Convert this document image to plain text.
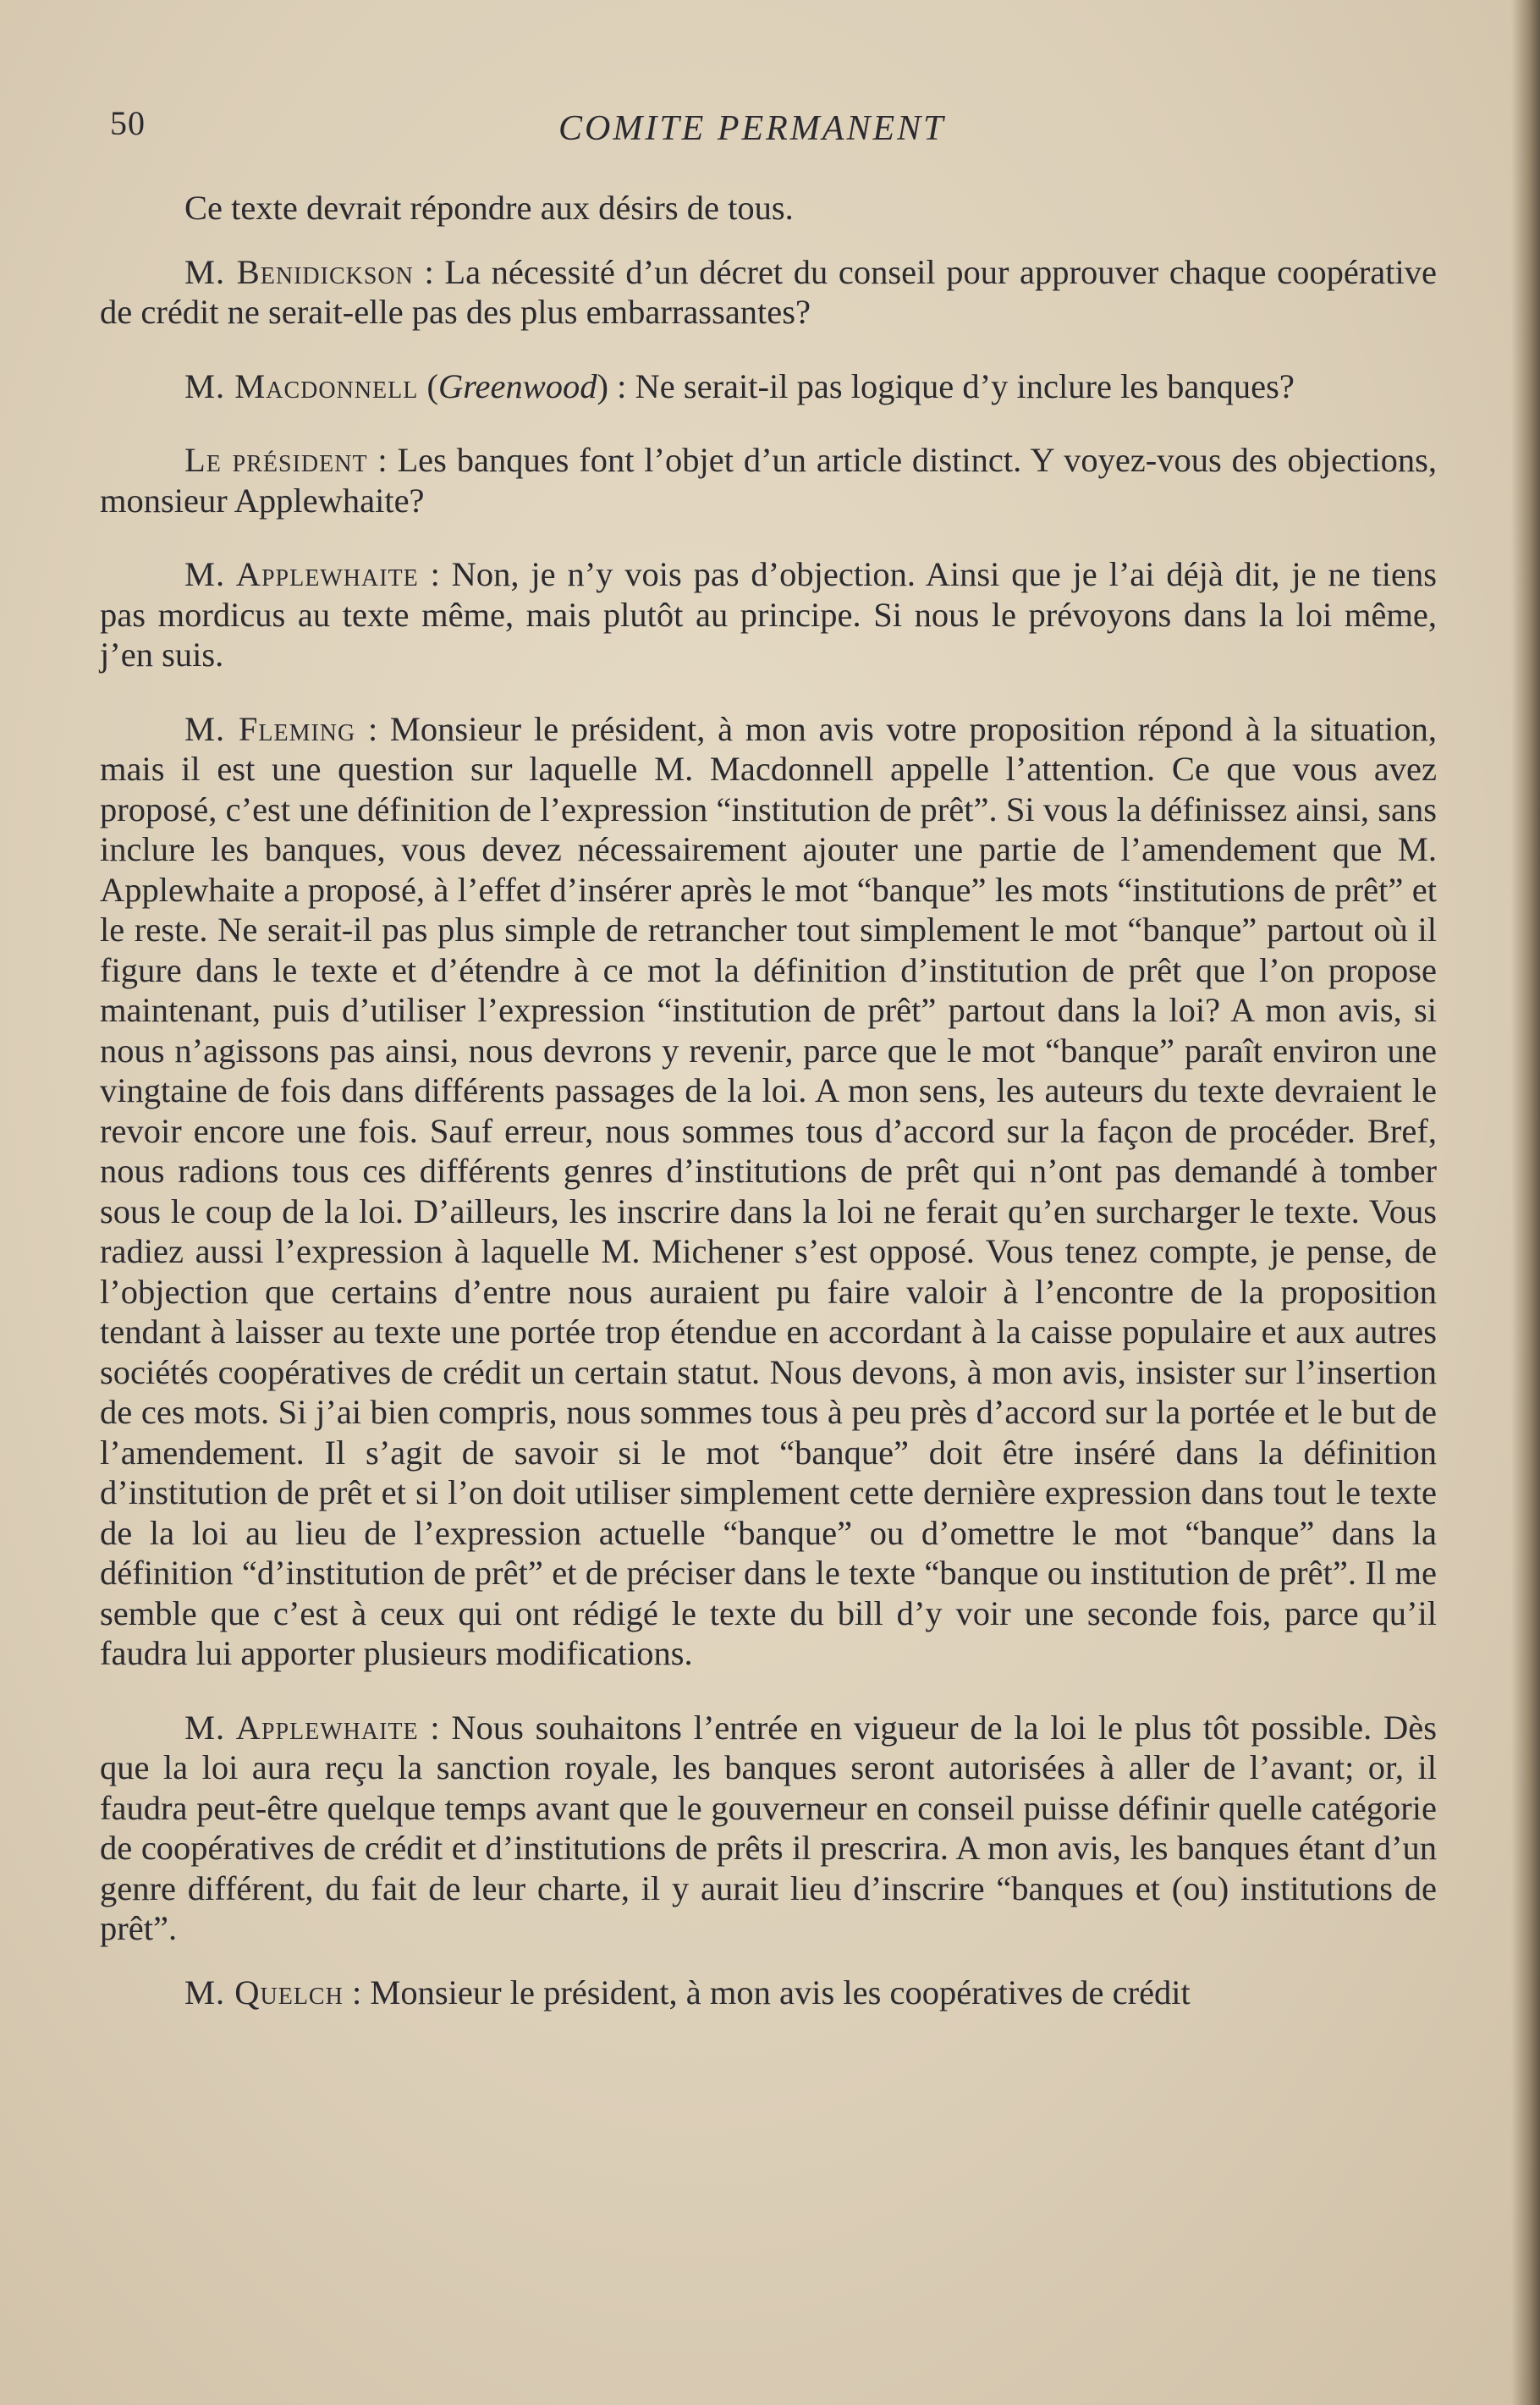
50	COMITE PERMANENT

Ce texte devrait répondre aux désirs de tous.

M. Benidickson : La nécessité d’un décret du conseil pour approuver chaque coopérative de crédit ne serait-elle pas des plus embarrassantes?

M. Macdonnell (Greenwood) : Ne serait-il pas logique d’y inclure les banques?

Le président : Les banques font l’objet d’un article distinct. Y voyez-vous des objections, monsieur Applewhaite?

M. Applewhaite : Non, je n’y vois pas d’objection. Ainsi que je l’ai déjà dit, je ne tiens pas mordicus au texte même, mais plutôt au principe. Si nous le prévoyons dans la loi même, j’en suis.

M. Fleming : Monsieur le président, à mon avis votre proposition répond à la situation, mais il est une question sur laquelle M. Macdonnell appelle l’attention. Ce que vous avez proposé, c’est une définition de l’expression “institution de prêt”. Si vous la définissez ainsi, sans inclure les banques, vous devez nécessairement ajouter une partie de l’amendement que M. Applewhaite a proposé, à l’effet d’insérer après le mot “banque” les mots “institutions de prêt” et le reste. Ne serait-il pas plus simple de retrancher tout simplement le mot “banque” partout où il figure dans le texte et d’étendre à ce mot la définition d’institution de prêt que l’on propose maintenant, puis d’utiliser l’expression “institution de prêt” partout dans la loi? A mon avis, si nous n’agissons pas ainsi, nous devrons y revenir, parce que le mot “banque” paraît environ une vingtaine de fois dans différents passages de la loi. A mon sens, les auteurs du texte devraient le revoir encore une fois. Sauf erreur, nous sommes tous d’accord sur la façon de procéder. Bref, nous radions tous ces différents genres d’institutions de prêt qui n’ont pas demandé à tomber sous le coup de la loi. D’ailleurs, les inscrire dans la loi ne ferait qu’en surcharger le texte. Vous radiez aussi l’expression à laquelle M. Michener s’est opposé. Vous tenez compte, je pense, de l’objection que certains d’entre nous auraient pu faire valoir à l’encontre de la proposition tendant à laisser au texte une portée trop étendue en accordant à la caisse populaire et aux autres sociétés coopératives de crédit un certain statut. Nous devons, à mon avis, insister sur l’insertion de ces mots. Si j’ai bien compris, nous sommes tous à peu près d’accord sur la portée et le but de l’amendement. Il s’agit de savoir si le mot “banque” doit être inséré dans la définition d’institution de prêt et si l’on doit utiliser simplement cette dernière expression dans tout le texte de la loi au lieu de l’expression actuelle “banque” ou d’omettre le mot “banque” dans la définition “d’institution de prêt” et de préciser dans le texte “banque ou institution de prêt”. Il me semble que c’est à ceux qui ont rédigé le texte du bill d’y voir une seconde fois, parce qu’il faudra lui apporter plusieurs modifications.

M. Applewhaite : Nous souhaitons l’entrée en vigueur de la loi le plus tôt possible. Dès que la loi aura reçu la sanction royale, les banques seront autorisées à aller de l’avant; or, il faudra peut-être quelque temps avant que le gouverneur en conseil puisse définir quelle catégorie de coopératives de crédit et d’institutions de prêts il prescrira. A mon avis, les banques étant d’un genre différent, du fait de leur charte, il y aurait lieu d’inscrire “banques et (ou) institutions de prêt”.

M. Quelch : Monsieur le président, à mon avis les coopératives de crédit
